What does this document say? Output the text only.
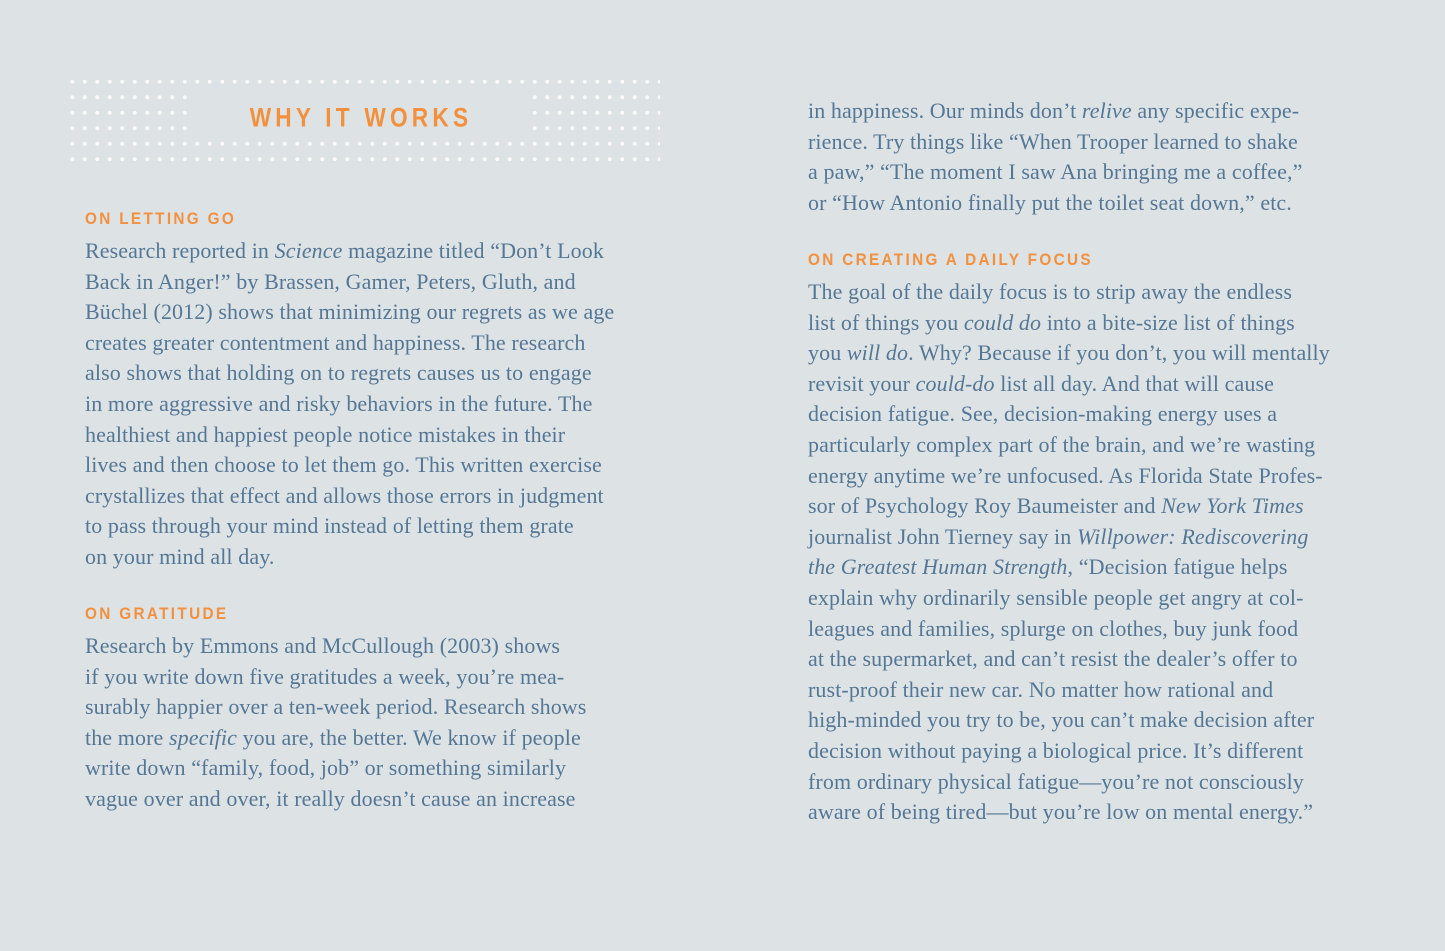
WHY IT WORKS
ON LETTING GO
Research reported in Science magazine titled “Don’t Look
Back in Anger!” by Brassen, Gamer, Peters, Gluth, and
Büchel (2012) shows that minimizing our regrets as we age
creates greater contentment and happiness. The research
also shows that holding on to regrets causes us to engage
in more aggressive and risky behaviors in the future. The
healthiest and happiest people notice mistakes in their
lives and then choose to let them go. This written exercise
crystallizes that effect and allows those errors in judgment
to pass through your mind instead of letting them grate
on your mind all day.
ON GRATITUDE
Research by Emmons and McCullough (2003) shows
if you write down five gratitudes a week, you’re mea-
surably happier over a ten-week period. Research shows
the more specific you are, the better. We know if people
write down “family, food, job” or something similarly
vague over and over, it really doesn’t cause an increase
in happiness. Our minds don’t relive any specific expe-
rience. Try things like “When Trooper learned to shake
a paw,” “The moment I saw Ana bringing me a coffee,”
or “How Antonio finally put the toilet seat down,” etc.
ON CREATING A DAILY FOCUS
The goal of the daily focus is to strip away the endless
list of things you could do into a bite-size list of things
you will do. Why? Because if you don’t, you will mentally
revisit your could-do list all day. And that will cause
decision fatigue. See, decision-making energy uses a
particularly complex part of the brain, and we’re wasting
energy anytime we’re unfocused. As Florida State Profes-
sor of Psychology Roy Baumeister and New York Times
journalist John Tierney say in Willpower: Rediscovering
the Greatest Human Strength, “Decision fatigue helps
explain why ordinarily sensible people get angry at col-
leagues and families, splurge on clothes, buy junk food
at the supermarket, and can’t resist the dealer’s offer to
rust-proof their new car. No matter how rational and
high-minded you try to be, you can’t make decision after
decision without paying a biological price. It’s different
from ordinary physical fatigue—you’re not consciously
aware of being tired—but you’re low on mental energy.”
